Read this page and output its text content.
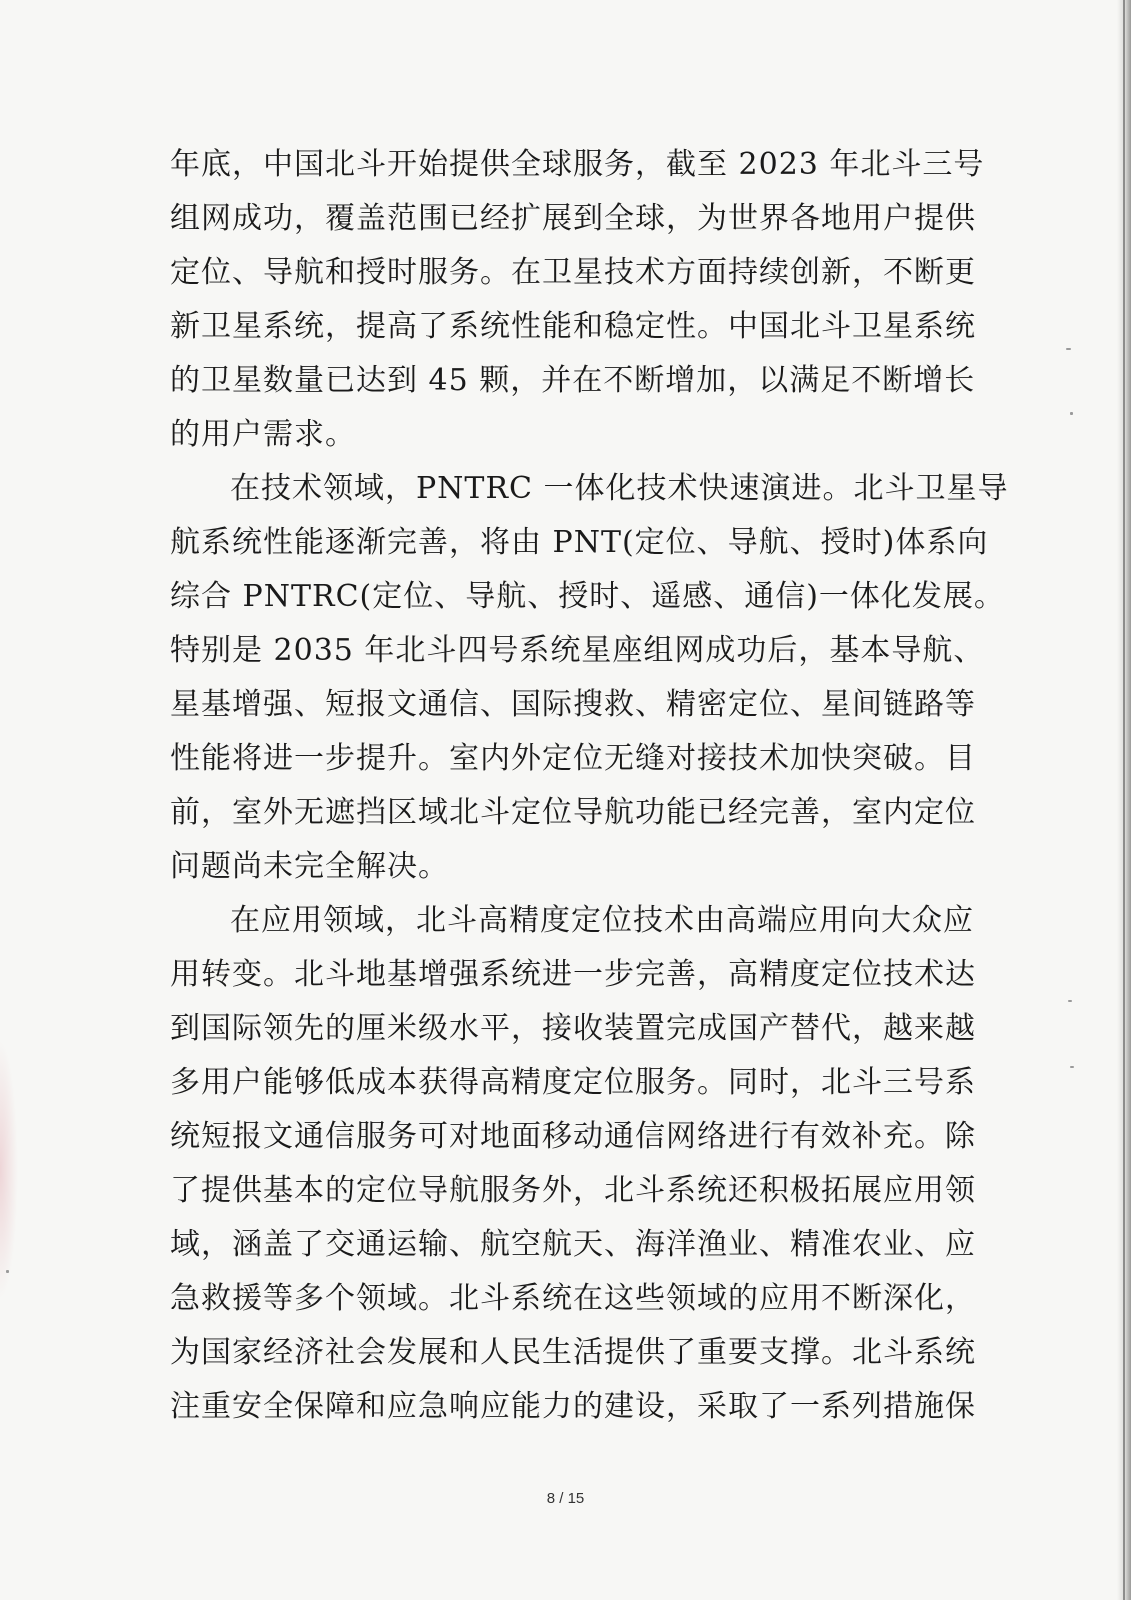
年底，中国北斗开始提供全球服务，截至 2023 年北斗三号
组网成功，覆盖范围已经扩展到全球，为世界各地用户提供
定位、导航和授时服务。在卫星技术方面持续创新，不断更
新卫星系统，提高了系统性能和稳定性。中国北斗卫星系统
的卫星数量已达到 45 颗，并在不断增加，以满足不断增长
的用户需求。
在技术领域，PNTRC 一体化技术快速演进。北斗卫星导
航系统性能逐渐完善，将由 PNT(定位、导航、授时)体系向
综合 PNTRC(定位、导航、授时、遥感、通信)一体化发展。
特别是 2035 年北斗四号系统星座组网成功后，基本导航、
星基增强、短报文通信、国际搜救、精密定位、星间链路等
性能将进一步提升。室内外定位无缝对接技术加快突破。目
前，室外无遮挡区域北斗定位导航功能已经完善，室内定位
问题尚未完全解决。
在应用领域，北斗高精度定位技术由高端应用向大众应
用转变。北斗地基增强系统进一步完善，高精度定位技术达
到国际领先的厘米级水平，接收装置完成国产替代，越来越
多用户能够低成本获得高精度定位服务。同时，北斗三号系
统短报文通信服务可对地面移动通信网络进行有效补充。除
了提供基本的定位导航服务外，北斗系统还积极拓展应用领
域，涵盖了交通运输、航空航天、海洋渔业、精准农业、应
急救援等多个领域。北斗系统在这些领域的应用不断深化，
为国家经济社会发展和人民生活提供了重要支撑。北斗系统
注重安全保障和应急响应能力的建设，采取了一系列措施保
8 / 15
